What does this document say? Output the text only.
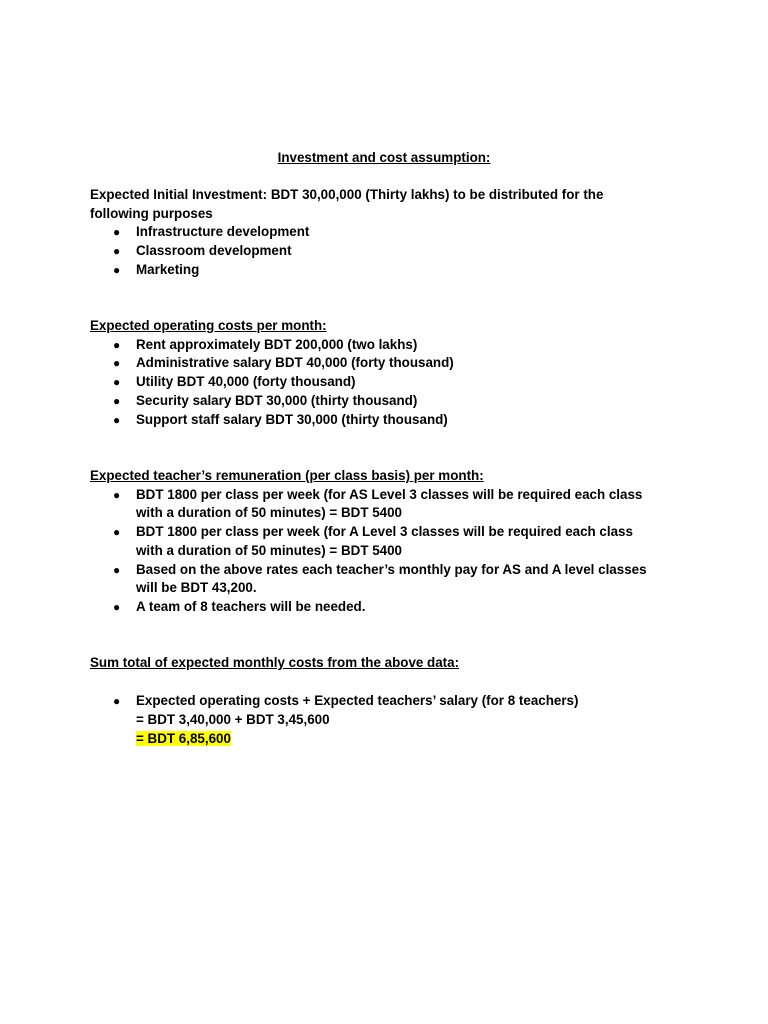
Investment and cost assumption:
Expected Initial Investment: BDT 30,00,000 (Thirty lakhs) to be distributed for the
following purposes
● Infrastructure development
● Classroom development
● Marketing
Expected operating costs per month:
● Rent approximately BDT 200,000 (two lakhs)
● Administrative salary BDT 40,000 (forty thousand)
● Utility BDT 40,000 (forty thousand)
● Security salary BDT 30,000 (thirty thousand)
● Support staff salary BDT 30,000 (thirty thousand)
Expected teacher’s remuneration (per class basis) per month:
● BDT 1800 per class per week (for AS Level 3 classes will be required each class
with a duration of 50 minutes) = BDT 5400
● BDT 1800 per class per week (for A Level 3 classes will be required each class
with a duration of 50 minutes) = BDT 5400
● Based on the above rates each teacher’s monthly pay for AS and A level classes
will be BDT 43,200.
● A team of 8 teachers will be needed.
Sum total of expected monthly costs from the above data:
● Expected operating costs + Expected teachers’ salary (for 8 teachers)
= BDT 3,40,000 + BDT 3,45,600
= BDT 6,85,600
